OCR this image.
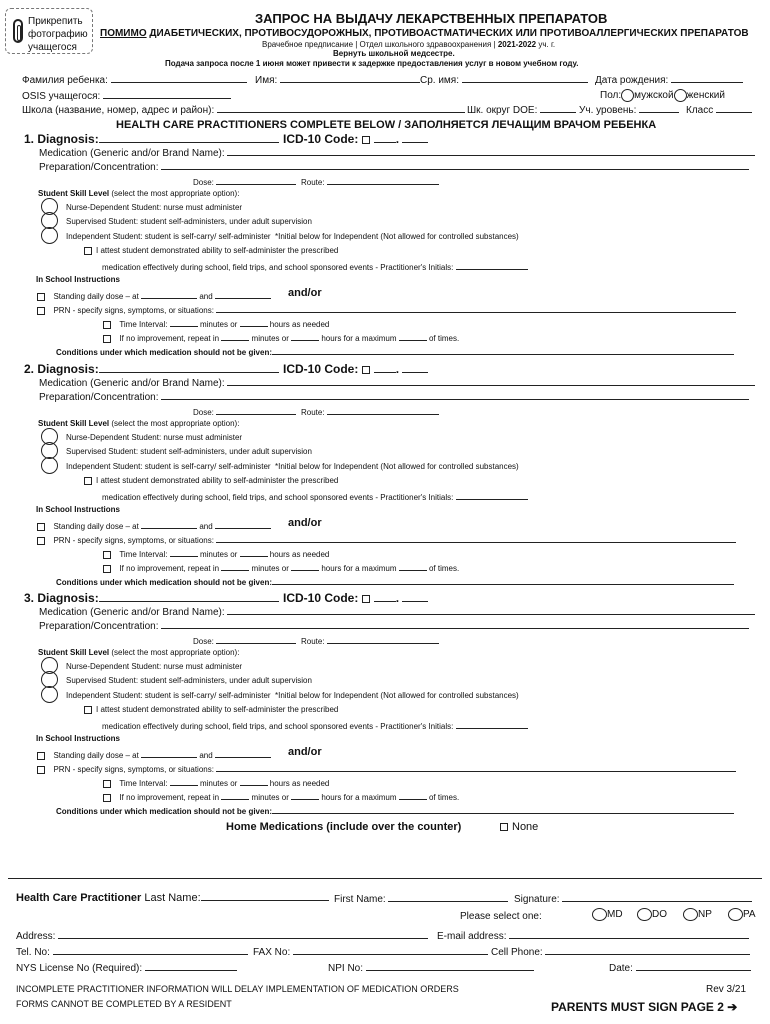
Прикрепить
фотографию
учащегося
ЗАПРОС НА ВЫДАЧУ ЛЕКАРСТВЕННЫХ ПРЕПАРАТОВ
ПОМИМО ДИАБЕТИЧЕСКИХ, ПРОТИВОСУДОРОЖНЫХ, ПРОТИВОАСТМАТИЧЕСКИХ ИЛИ ПРОТИВОАЛЛЕРГИЧЕСКИХ ПРЕПАРАТОВ
Врачебное предписание | Отдел школьного здравоохранения | 2021-2022 уч. г.
Вернуть школьной медсестре.
Подача запроса после 1 июня может привести к задержке предоставления услуг в новом учебном году.
Фамилия ребенка:	Имя:	Ср. имя:	Дата рождения:
OSIS учащегося:	Пол: мужской женский
Школа (название, номер, адрес и район):	Шк. округ DOE:	Уч. уровень:	Класс
HEALTH CARE PRACTITIONERS COMPLETE BELOW / ЗАПОЛНЯЕТСЯ ЛЕЧАЩИМ ВРАЧОМ РЕБЕНКА
1. Diagnosis:	ICD-10 Code:	.
Medication (Generic and/or Brand Name):
Preparation/Concentration:
Dose:	Route:
Student Skill Level (select the most appropriate option):
Nurse-Dependent Student: nurse must administer
Supervised Student: student self-administers, under adult supervision
Independent Student: student is self-carry/ self-administer *Initial below for Independent (Not allowed for controlled substances)
I attest student demonstrated ability to self-administer the prescribed
medication effectively during school, field trips, and school sponsored events - Practitioner's Initials:
In School Instructions
Standing daily dose – at	and	and/or
PRN - specify signs, symptoms, or situations:
Time Interval:	minutes or	hours as needed
If no improvement, repeat in	minutes or	hours for a maximum	of times.
Conditions under which medication should not be given:
2. Diagnosis:	ICD-10 Code:	.
Medication (Generic and/or Brand Name):
Preparation/Concentration:
Dose:	Route:
Student Skill Level (select the most appropriate option):
Nurse-Dependent Student: nurse must administer
Supervised Student: student self-administers, under adult supervision
Independent Student: student is self-carry/ self-administer *Initial below for Independent (Not allowed for controlled substances)
I attest student demonstrated ability to self-administer the prescribed
medication effectively during school, field trips, and school sponsored events - Practitioner's Initials:
In School Instructions
Standing daily dose – at	and	and/or
PRN - specify signs, symptoms, or situations:
Time Interval:	minutes or	hours as needed
If no improvement, repeat in	minutes or	hours for a maximum	of times.
Conditions under which medication should not be given:
3. Diagnosis:	ICD-10 Code:	.
Medication (Generic and/or Brand Name):
Preparation/Concentration:
Dose:	Route:
Student Skill Level (select the most appropriate option):
Nurse-Dependent Student: nurse must administer
Supervised Student: student self-administers, under adult supervision
Independent Student: student is self-carry/ self-administer *Initial below for Independent (Not allowed for controlled substances)
I attest student demonstrated ability to self-administer the prescribed
medication effectively during school, field trips, and school sponsored events - Practitioner's Initials:
In School Instructions
Standing daily dose – at	and	and/or
PRN - specify signs, symptoms, or situations:
Time Interval:	minutes or	hours as needed
If no improvement, repeat in	minutes or	hours for a maximum	of times.
Conditions under which medication should not be given:
Home Medications (include over the counter)	None
Health Care Practitioner Last Name:	First Name:	Signature:
Please select one:	MD	DO	NP	PA
Address:	E-mail address:
Tel. No:	FAX No:	Cell Phone:
NYS License No (Required):	NPI No:	Date:
INCOMPLETE PRACTITIONER INFORMATION WILL DELAY IMPLEMENTATION OF MEDICATION ORDERS
FORMS CANNOT BE COMPLETED BY A RESIDENT
Rev 3/21
PARENTS MUST SIGN PAGE 2 ➔
